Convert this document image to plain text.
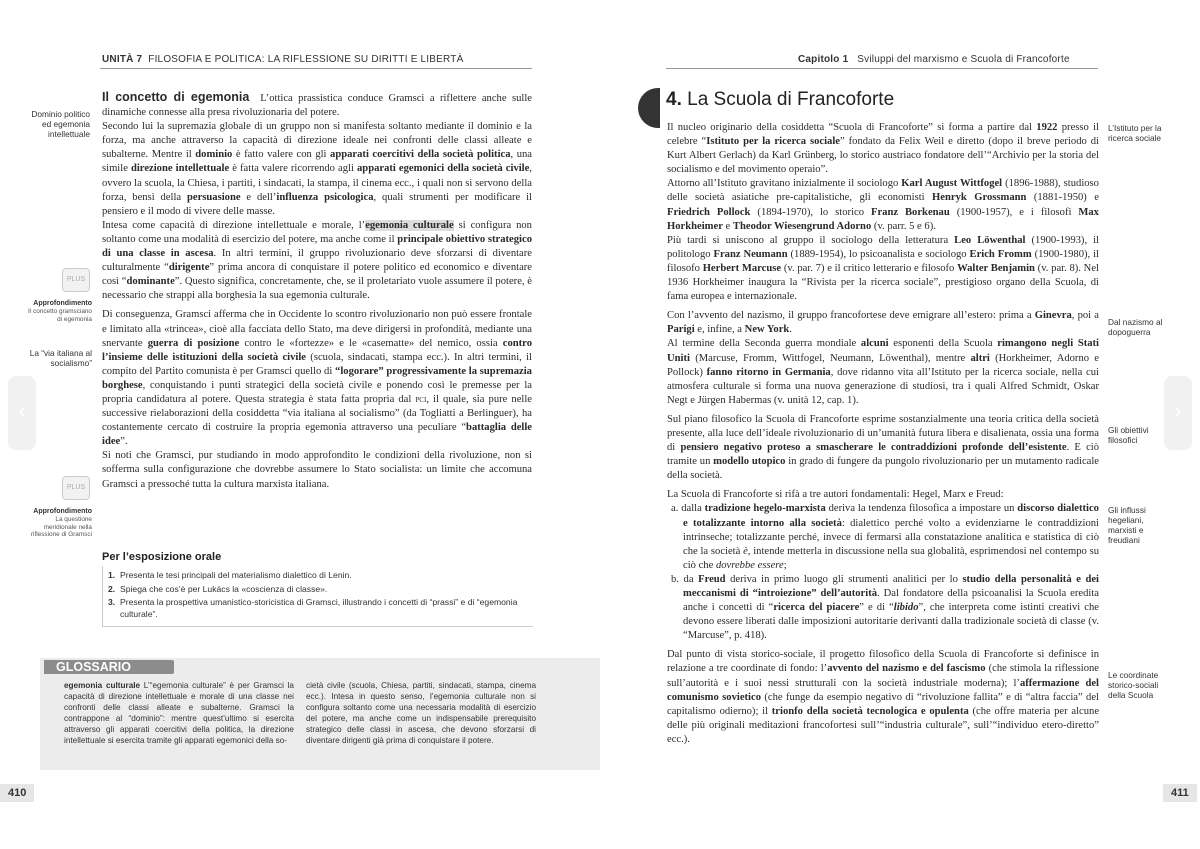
UNITÀ 7 FILOSOFIA E POLITICA: LA RIFLESSIONE SU DIRITTI E LIBERTÀ
Dominio politico ed egemonia intellettuale
La “via italiana al socialismo”
PLUS
Approfondimento
Il concetto gramsciano di egemonia
PLUS
Approfondimento
La questione meridionale nella riflessione di Gramsci

Il concetto di egemonia L’ottica prassistica conduce Gramsci a riflettere anche sulle dinamiche connesse alla presa rivoluzionaria del potere.

Secondo lui la supremazia globale di un gruppo non si manifesta soltanto mediante il dominio e la forza, ma anche attraverso la capacità di direzione ideale nei confronti delle classi alleate e subalterne. Mentre il dominio è fatto valere con gli apparati coercitivi della società politica, una simile direzione intellettuale è fatta valere ricorrendo agli apparati egemonici della società civile, ovvero la scuola, la Chiesa, i partiti, i sindacati, la stampa, il cinema ecc., i quali non si servono della forza, bensì della persuasione e dell’influenza psicologica, quali strumenti per modificare il pensiero e il modo di vivere delle masse.

Intesa come capacità di direzione intellettuale e morale, l’egemonia culturale si configura non soltanto come una modalità di esercizio del potere, ma anche come il principale obiettivo strategico di una classe in ascesa. In altri termini, il gruppo rivoluzionario deve sforzarsi di diventare culturalmente “dirigente” prima ancora di conquistare il potere politico ed economico e diventare così “dominante”. Questo significa, concretamente, che, se il proletariato vuole assumere il potere, è necessario che strappi alla borghesia la sua egemonia culturale.

Di conseguenza, Gramsci afferma che in Occidente lo scontro rivoluzionario non può essere frontale e limitato alla «trincea», cioè alla facciata dello Stato, ma deve dirigersi in profondità, mediante una snervante guerra di posizione contro le «fortezze» e le «casematte» del nemico, ossia contro l’insieme delle istituzioni della società civile (scuola, sindacati, stampa ecc.). In altri termini, il compito del Partito comunista è per Gramsci quello di “logorare” progressivamente la supremazia borghese, conquistando i punti strategici della società civile e ponendo così le premesse per la propria candidatura al potere. Questa strategia è stata fatta propria dal pci, il quale, sia pure nelle successive rielaborazioni della cosiddetta “via italiana al socialismo” (da Togliatti a Berlinguer), ha costantemente cercato di costruire la propria egemonia attraverso una peculiare “battaglia delle idee”.

Si noti che Gramsci, pur studiando in modo approfondito le condizioni della rivoluzione, non si sofferma sulla configurazione che dovrebbe assumere lo Stato socialista: un limite che accomuna Gramsci a pressoché tutta la cultura marxista italiana.

Per l’esposizione orale
1. Presenta le tesi principali del materialismo dialettico di Lenin.
2. Spiega che cos’è per Lukács la «coscienza di classe».
3. Presenta la prospettiva umanistico-storicistica di Gramsci, illustrando i concetti di “prassi” e di “egemonia culturale”.
GLOSSARIO
egemonia culturale L’“egemonia culturale” è per Gramsci la capacità di direzione intellettuale e morale di una classe nei confronti delle classi alleate e subalterne. Gramsci la contrappone al “dominio”: mentre quest’ultimo si esercita attraverso gli apparati coercitivi della politica, la direzione intellettuale si esercita tramite gli apparati egemonici della so-
cietà civile (scuola, Chiesa, partiti, sindacati, stampa, cinema ecc.). Intesa in questo senso, l’egemonia culturale non si configura soltanto come una necessaria modalità di esercizio del potere, ma anche come un indispensabile prerequisito strategico delle classi in ascesa, che devono sforzarsi di diventare dirigenti già prima di conquistare il potere.
410
Capitolo 1 Sviluppi del marxismo e Scuola di Francoforte
4. La Scuola di Francoforte
L’Istituto per la ricerca sociale
Dal nazismo al dopoguerra
Gli obiettivi filosofici
Gli influssi hegeliani, marxisti e freudiani
Le coordinate storico-sociali della Scuola

Il nucleo originario della cosiddetta “Scuola di Francoforte” si forma a partire dal 1922 presso il celebre “Istituto per la ricerca sociale” fondato da Felix Weil e diretto (dopo il breve periodo di Kurt Albert Gerlach) da Karl Grünberg, lo storico austriaco fondatore dell’“Archivio per la storia del socialismo e del movimento operaio”.

Attorno all’Istituto gravitano inizialmente il sociologo Karl August Wittfogel (1896-1988), studioso delle società asiatiche pre-capitalistiche, gli economisti Henryk Grossmann (1881-1950) e Friedrich Pollock (1894-1970), lo storico Franz Borkenau (1900-1957), e i filosofi Max Horkheimer e Theodor Wiesengrund Adorno (v. parr. 5 e 6).

Più tardi si uniscono al gruppo il sociologo della letteratura Leo Löwenthal (1900-1993), il politologo Franz Neumann (1889-1954), lo psicoanalista e sociologo Erich Fromm (1900-1980), il filosofo Herbert Marcuse (v. par. 7) e il critico letterario e filosofo Walter Benjamin (v. par. 8). Nel 1936 Horkheimer inaugura la “Rivista per la ricerca sociale”, prestigioso organo della Scuola, di fama europea e internazionale.

Con l’avvento del nazismo, il gruppo francofortese deve emigrare all’estero: prima a Ginevra, poi a Parigi e, infine, a New York.

Al termine della Seconda guerra mondiale alcuni esponenti della Scuola rimangono negli Stati Uniti (Marcuse, Fromm, Wittfogel, Neumann, Löwenthal), mentre altri (Horkheimer, Adorno e Pollock) fanno ritorno in Germania, dove ridanno vita all’Istituto per la ricerca sociale, nella cui atmosfera culturale si forma una nuova generazione di studiosi, tra i quali Alfred Schmidt, Oskar Negt e Jürgen Habermas (v. unità 12, cap. 1).

Sul piano filosofico la Scuola di Francoforte esprime sostanzialmente una teoria critica della società presente, alla luce dell’ideale rivoluzionario di un’umanità futura libera e disalienata, ossia una forma di pensiero negativo proteso a smascherare le contraddizioni profonde dell’esistente. E ciò tramite un modello utopico in grado di fungere da pungolo rivoluzionario per un mutamento radicale della società.

La Scuola di Francoforte si rifà a tre autori fondamentali: Hegel, Marx e Freud:

a. dalla tradizione hegelo-marxista deriva la tendenza filosofica a impostare un discorso dialettico e totalizzante intorno alla società: dialettico perché volto a evidenziarne le contraddizioni intrinseche; totalizzante perché, invece di fermarsi alla constatazione analitica e statistica di ciò che la società è, intende metterla in discussione nella sua globalità, esprimendosi nel contempo su ciò che dovrebbe essere;

b. da Freud deriva in primo luogo gli strumenti analitici per lo studio della personalità e dei meccanismi di “introiezione” dell’autorità. Dal fondatore della psicoanalisi la Scuola eredita anche i concetti di “ricerca del piacere” e di “libido”, che interpreta come istinti creativi che devono essere liberati dalle imposizioni autoritarie derivanti dalla tradizionale società di classe (v. “Marcuse”, p. 418).

Dal punto di vista storico-sociale, il progetto filosofico della Scuola di Francoforte si definisce in relazione a tre coordinate di fondo: l’avvento del nazismo e del fascismo (che stimola la riflessione sull’autorità e i suoi nessi strutturali con la società industriale moderna); l’affermazione del comunismo sovietico (che funge da esempio negativo di “rivoluzione fallita” e di “altra faccia” del capitalismo odierno); il trionfo della società tecnologica e opulenta (che offre materia per alcune delle più originali meditazioni francofortesi sull’“industria culturale”, sull’“individuo etero-diretto” ecc.).

411
‹	›
